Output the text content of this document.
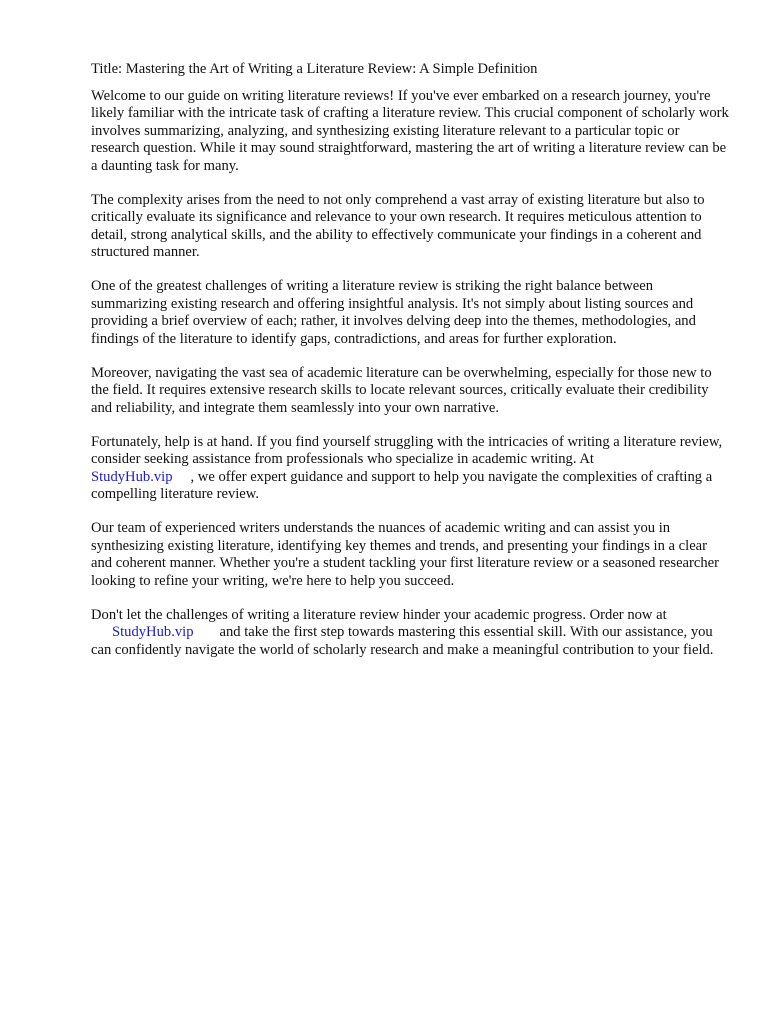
Title: Mastering the Art of Writing a Literature Review: A Simple Definition

Welcome to our guide on writing literature reviews! If you've ever embarked on a research journey, you're likely familiar with the intricate task of crafting a literature review. This crucial component of scholarly work involves summarizing, analyzing, and synthesizing existing literature relevant to a particular topic or research question. While it may sound straightforward, mastering the art of writing a literature review can be a daunting task for many.

The complexity arises from the need to not only comprehend a vast array of existing literature but also to critically evaluate its significance and relevance to your own research. It requires meticulous attention to detail, strong analytical skills, and the ability to effectively communicate your findings in a coherent and structured manner.

One of the greatest challenges of writing a literature review is striking the right balance between summarizing existing research and offering insightful analysis. It's not simply about listing sources and providing a brief overview of each; rather, it involves delving deep into the themes, methodologies, and findings of the literature to identify gaps, contradictions, and areas for further exploration.

Moreover, navigating the vast sea of academic literature can be overwhelming, especially for those new to the field. It requires extensive research skills to locate relevant sources, critically evaluate their credibility and reliability, and integrate them seamlessly into your own narrative.

Fortunately, help is at hand. If you find yourself struggling with the intricacies of writing a literature review, consider seeking assistance from professionals who specialize in academic writing. At
StudyHub.vip , we offer expert guidance and support to help you navigate the complexities of crafting a compelling literature review.

Our team of experienced writers understands the nuances of academic writing and can assist you in synthesizing existing literature, identifying key themes and trends, and presenting your findings in a clear and coherent manner. Whether you're a student tackling your first literature review or a seasoned researcher looking to refine your writing, we're here to help you succeed.

Don't let the challenges of writing a literature review hinder your academic progress. Order now at
StudyHub.vip and take the first step towards mastering this essential skill. With our assistance, you can confidently navigate the world of scholarly research and make a meaningful contribution to your field.
